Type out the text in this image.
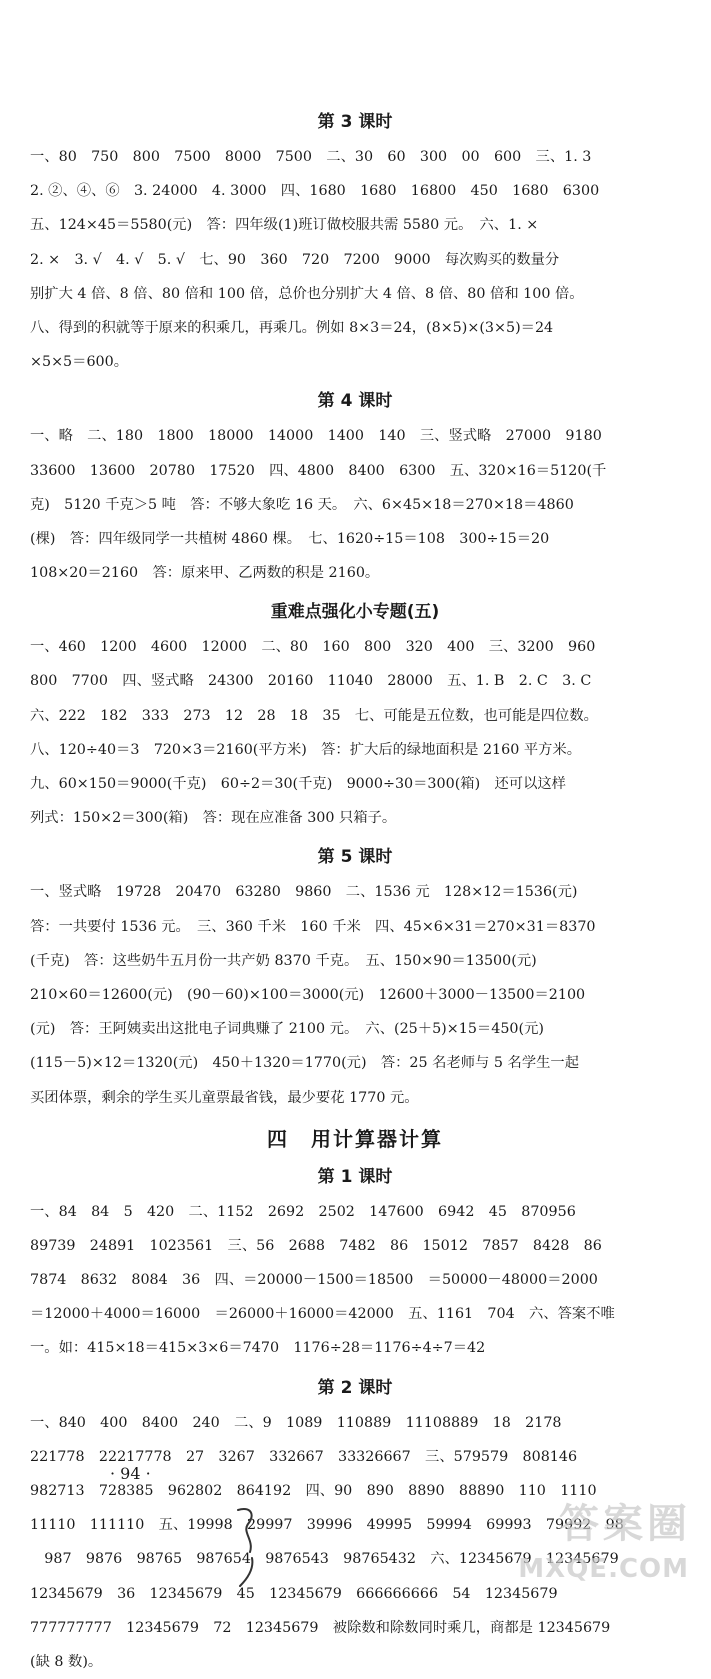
第 3 课时
一、80　750　800　7500　8000　7500　二、30　60　300　00　600　三、1. 3
2. ②、④、⑥　3. 24000　4. 3000　四、1680　1680　16800　450　1680　6300
五、124×45＝5580(元)　答：四年级(1)班订做校服共需 5580 元。　六、1. ×
2. ×　3. √　4. √　5. √　七、90　360　720　7200　9000　每次购买的数量分
别扩大 4 倍、8 倍、80 倍和 100 倍，总价也分别扩大 4 倍、8 倍、80 倍和 100 倍。
八、得到的积就等于原来的积乘几，再乘几。例如 8×3＝24，(8×5)×(3×5)＝24
×5×5＝600。
第 4 课时
一、略　二、180　1800　18000　14000　1400　140　三、竖式略　27000　9180
33600　13600　20780　17520　四、4800　8400　6300　五、320×16＝5120(千
克)　5120 千克＞5 吨　答：不够大象吃 16 天。　六、6×45×18＝270×18＝4860
(棵)　答：四年级同学一共植树 4860 棵。　七、1620÷15＝108　300÷15＝20
108×20＝2160　答：原来甲、乙两数的积是 2160。
重难点强化小专题(五)
一、460　1200　4600　12000　二、80　160　800　320　400　三、3200　960
800　7700　四、竖式略　24300　20160　11040　28000　五、1. B　2. C　3. C
六、222　182　333　273　12　28　18　35　七、可能是五位数，也可能是四位数。
八、120÷40＝3　720×3＝2160(平方米)　答：扩大后的绿地面积是 2160 平方米。
九、60×150＝9000(千克)　60÷2＝30(千克)　9000÷30＝300(箱)　还可以这样
列式：150×2＝300(箱)　答：现在应准备 300 只箱子。
第 5 课时
一、竖式略　19728　20470　63280　9860　二、1536 元　128×12＝1536(元)
答：一共要付 1536 元。　三、360 千米　160 千米　四、45×6×31＝270×31＝8370
(千克)　答：这些奶牛五月份一共产奶 8370 千克。　五、150×90＝13500(元)
210×60＝12600(元)　(90－60)×100＝3000(元)　12600＋3000－13500＝2100
(元)　答：王阿姨卖出这批电子词典赚了 2100 元。　六、(25＋5)×15＝450(元)
(115－5)×12＝1320(元)　450＋1320＝1770(元)　答：25 名老师与 5 名学生一起
买团体票，剩余的学生买儿童票最省钱，最少要花 1770 元。
四　用计算器计算
第 1 课时
一、84　84　5　420　二、1152　2692　2502　147600　6942　45　870956
89739　24891　1023561　三、56　2688　7482　86　15012　7857　8428　86
7874　8632　8084　36　四、＝20000－1500＝18500　＝50000－48000＝2000
＝12000＋4000＝16000　＝26000＋16000＝42000　五、1161　704　六、答案不唯
一。如：415×18＝415×3×6＝7470　1176÷28＝1176÷4÷7＝42
第 2 课时
一、840　400　8400　240　二、9　1089　110889　11108889　18　2178
221778　22217778　27　3267　332667　33326667　三、579579　808146
982713　728385　962802　864192　四、90　890　8890　88890　110　1110
11110　111110　五、19998　29997　39996　49995　59994　69993　79992　98
　987　9876　98765　987654　9876543　98765432　六、12345679　12345679
12345679　36　12345679　45　12345679　666666666　54　12345679
777777777　12345679　72　12345679　被除数和除数同时乘几，商都是 12345679
(缺 8 数)。
· 94 ·
答案圈
MXQE.COM
